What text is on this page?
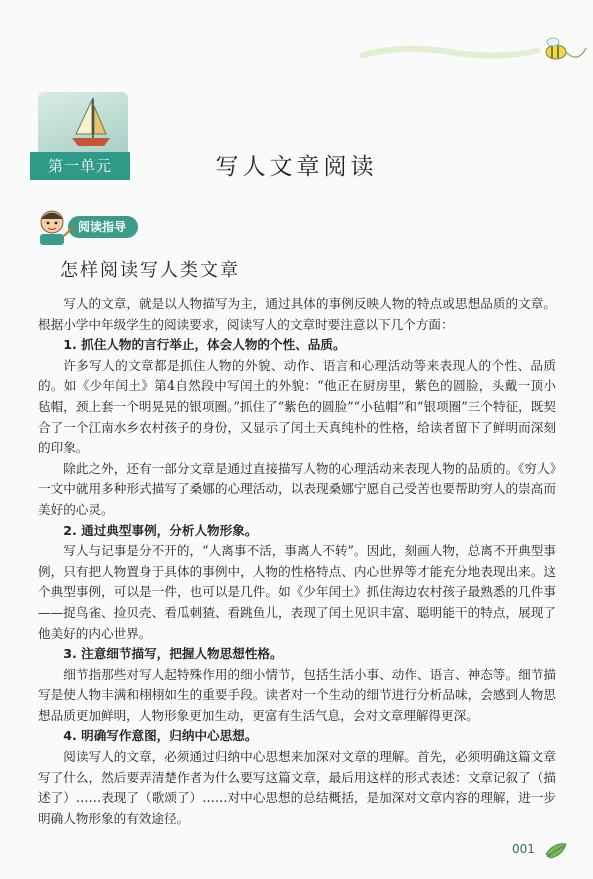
第一单元	写人文章阅读
阅读指导
怎样阅读写人类文章

写人的文章，就是以人物描写为主，通过具体的事例反映人物的特点或思想品质的文章。根据小学中年级学生的阅读要求，阅读写人的文章时要注意以下几个方面：

1. 抓住人物的言行举止，体会人物的个性、品质。

许多写人的文章都是抓住人物的外貌、动作、语言和心理活动等来表现人的个性、品质的。如《少年闰土》第4自然段中写闰土的外貌：“他正在厨房里，紫色的圆脸，头戴一顶小毡帽，颈上套一个明晃晃的银项圈。”抓住了“紫色的圆脸”“小毡帽”和“银项圈”三个特征，既契合了一个江南水乡农村孩子的身份，又显示了闰土天真纯朴的性格，给读者留下了鲜明而深刻的印象。

除此之外，还有一部分文章是通过直接描写人物的心理活动来表现人物的品质的。《穷人》一文中就用多种形式描写了桑娜的心理活动，以表现桑娜宁愿自己受苦也要帮助穷人的崇高而美好的心灵。

2. 通过典型事例，分析人物形象。

写人与记事是分不开的，“人离事不活，事离人不转”。因此，刻画人物，总离不开典型事例，只有把人物置身于具体的事例中，人物的性格特点、内心世界等才能充分地表现出来。这个典型事例，可以是一件，也可以是几件。如《少年闰土》抓住海边农村孩子最熟悉的几件事——捉鸟雀、捡贝壳、看瓜刺猹、看跳鱼儿，表现了闰土见识丰富、聪明能干的特点，展现了他美好的内心世界。

3. 注意细节描写，把握人物思想性格。

细节指那些对写人起特殊作用的细小情节，包括生活小事、动作、语言、神态等。细节描写是使人物丰满和栩栩如生的重要手段。读者对一个生动的细节进行分析品味，会感到人物思想品质更加鲜明，人物形象更加生动，更富有生活气息，会对文章理解得更深。

4. 明确写作意图，归纳中心思想。

阅读写人的文章，必须通过归纳中心思想来加深对文章的理解。首先，必须明确这篇文章写了什么，然后要弄清楚作者为什么要写这篇文章，最后用这样的形式表述：文章记叙了（描述了）……表现了（歌颂了）……对中心思想的总结概括，是加深对文章内容的理解，进一步明确人物形象的有效途径。

001
